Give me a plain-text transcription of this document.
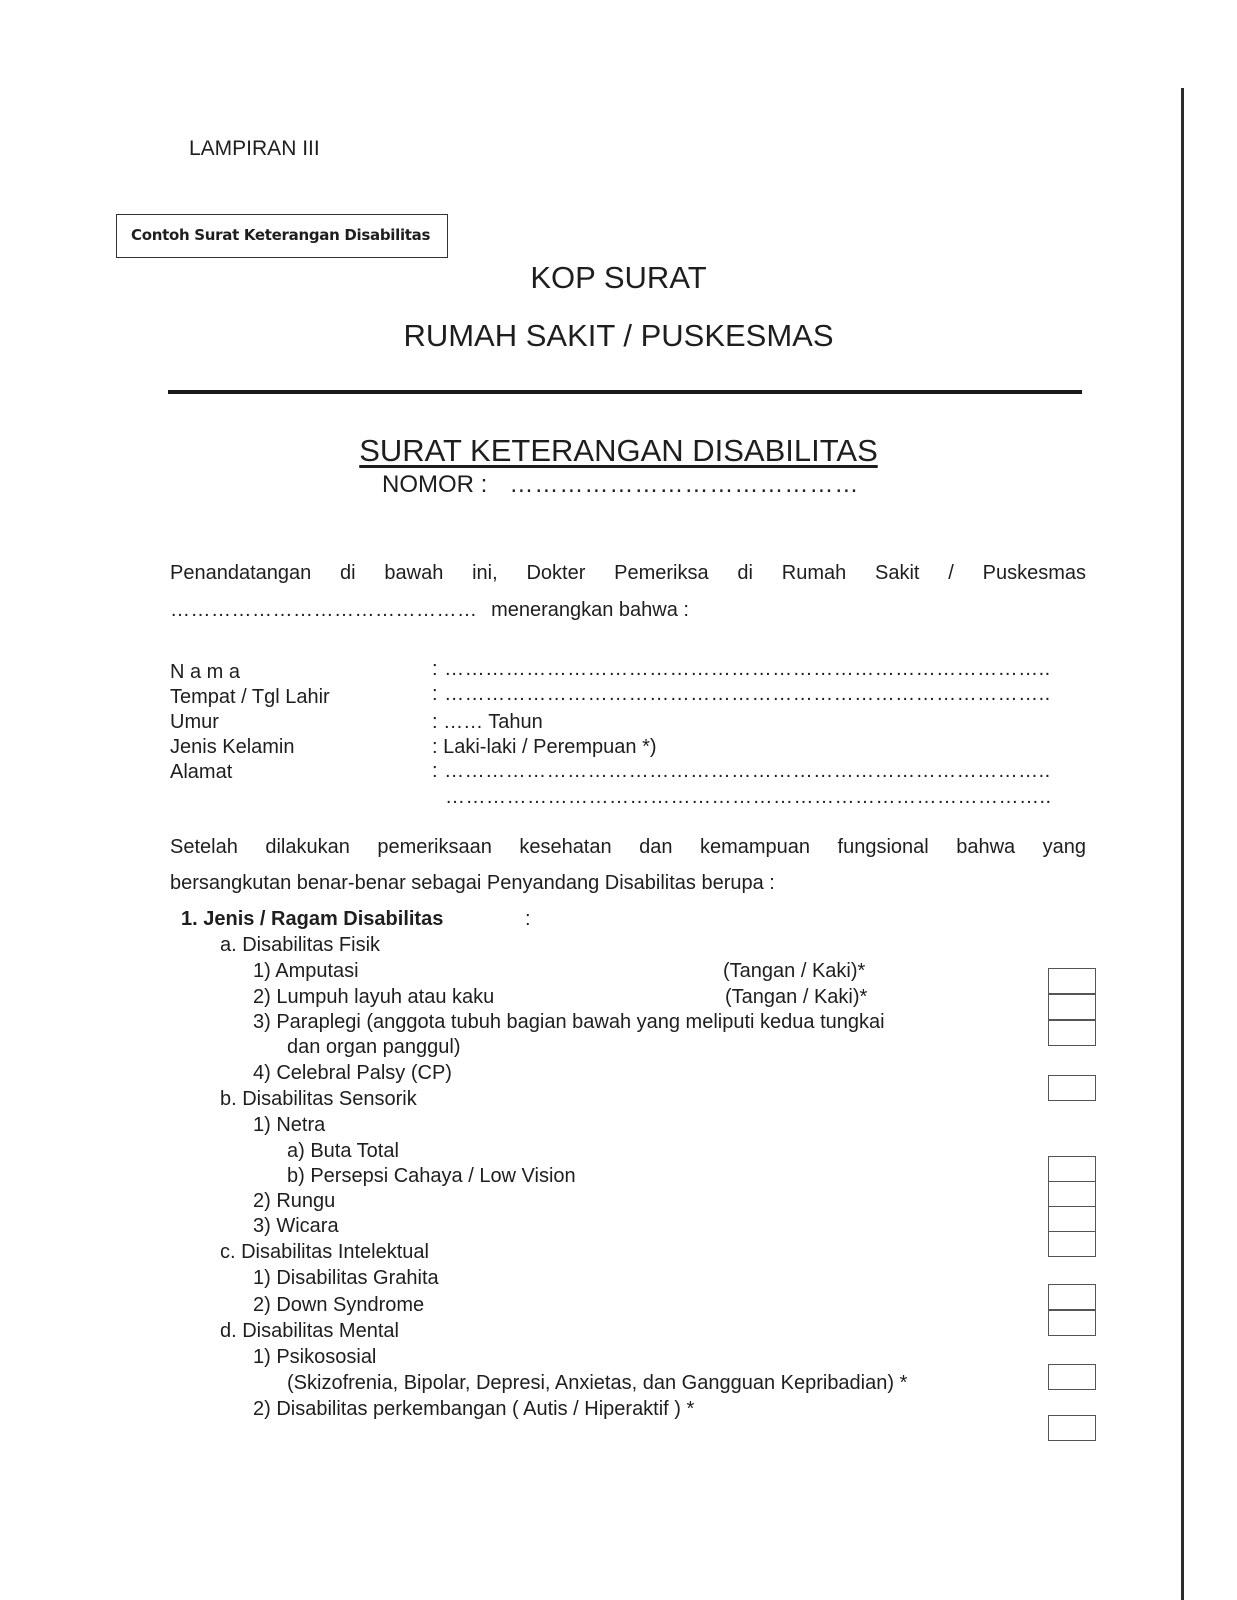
LAMPIRAN III
Contoh Surat Keterangan Disabilitas
KOP SURAT
RUMAH SAKIT / PUSKESMAS
SURAT KETERANGAN DISABILITAS
NOMOR : ……………………………………
Penandatangan di bawah ini, Dokter Pemeriksa di Rumah Sakit / Puskesmas
……………………………………… menerangkan bahwa :
N a m a	: ……………………………………………………………………………..
Tempat / Tgl Lahir	: ……………………………………………………………………………..
Umur	: …… Tahun
Jenis Kelamin	: Laki-laki / Perempuan *)
Alamat	: ……………………………………………………………………………..
……………………………………………………………………………..
Setelah dilakukan pemeriksaan kesehatan dan kemampuan fungsional bahwa yang
bersangkutan benar-benar sebagai Penyandang Disabilitas berupa :
1. Jenis / Ragam Disabilitas	:
a. Disabilitas Fisik
1) Amputasi	(Tangan / Kaki)*
2) Lumpuh layuh atau kaku	(Tangan / Kaki)*
3) Paraplegi (anggota tubuh bagian bawah yang meliputi kedua tungkai
dan organ panggul)
4) Celebral Palsy (CP)
b. Disabilitas Sensorik
1) Netra
a) Buta Total
b) Persepsi Cahaya / Low Vision
2) Rungu
3) Wicara
c. Disabilitas Intelektual
1) Disabilitas Grahita
2) Down Syndrome
d. Disabilitas Mental
1) Psikososial
(Skizofrenia, Bipolar, Depresi, Anxietas, dan Gangguan Kepribadian) *
2) Disabilitas perkembangan ( Autis / Hiperaktif ) *
